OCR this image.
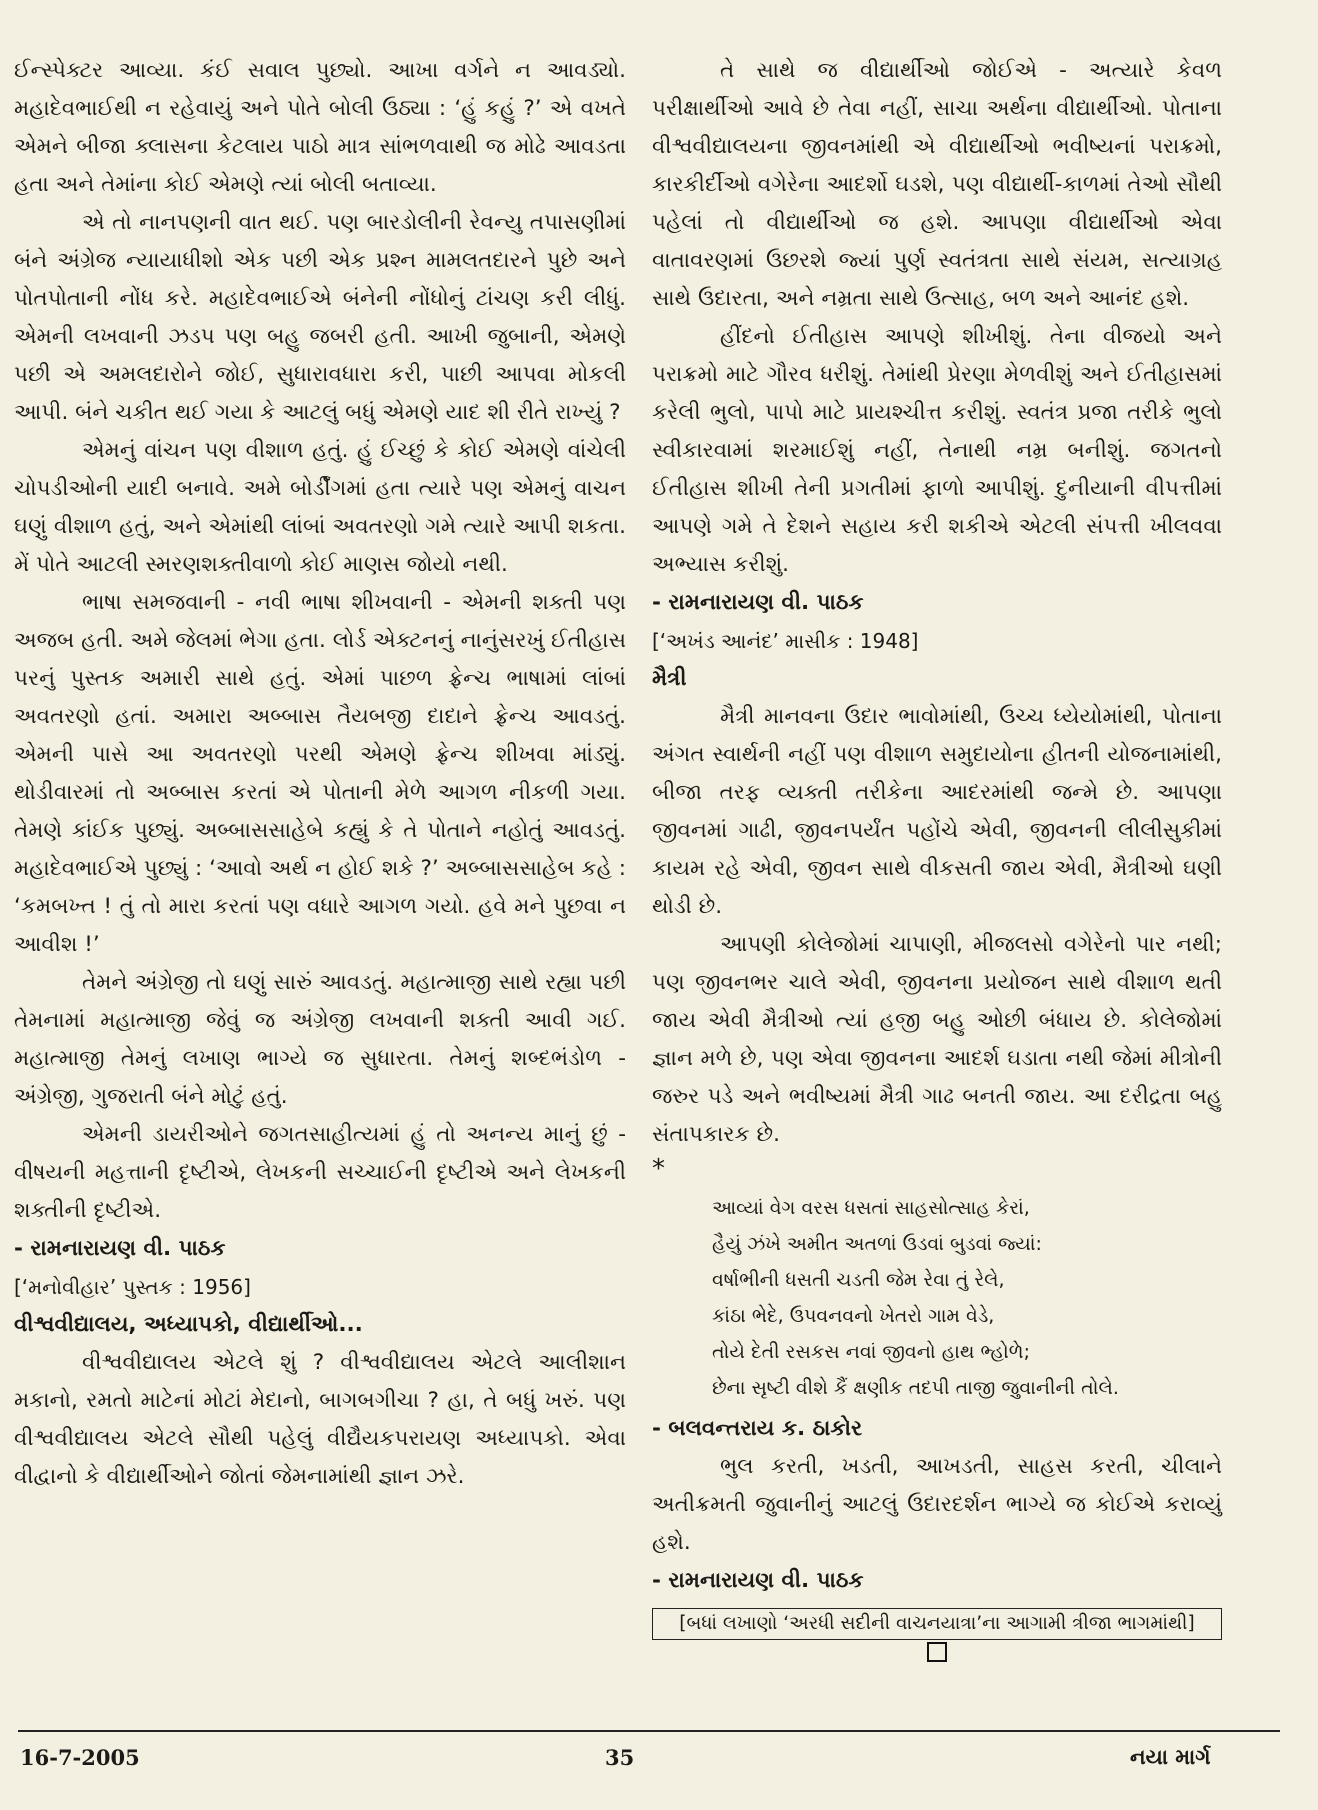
ઈન્સ્પેક્ટર આવ્યા. કંઈ સવાલ પુછ્યો. આખા વર્ગને ન આવડ્યો. મહાદેવભાઈથી ન રહેવાયું અને પોતે બોલી ઉઠ્યા : ‘હું કહું ?’ એ વખતે એમને બીજા ક્લાસના કેટલાય પાઠો માત્ર સાંભળવાથી જ મોઢે આવડતા હતા અને તેમાંના કોઈ એમણે ત્યાં બોલી બતાવ્યા.

એ તો નાનપણની વાત થઈ. પણ બારડોલીની રેવન્યુ તપાસણીમાં બંને અંગ્રેજ ન્યાયાધીશો એક પછી એક પ્રશ્ન મામલતદારને પુછે અને પોતપોતાની નોંધ કરે. મહાદેવભાઈએ બંનેની નોંધોનું ટાંચણ કરી લીધું. એમની લખવાની ઝડપ પણ બહુ જબરી હતી. આખી જુબાની, એમણે પછી એ અમલદારોને જોઈ, સુધારાવધારા કરી, પાછી આપવા મોકલી આપી. બંને ચકીત થઈ ગયા કે આટલું બધું એમણે યાદ શી રીતે રાખ્યું ?

એમનું વાંચન પણ વીશાળ હતું. હું ઈચ્છું કે કોઈ એમણે વાંચેલી ચોપડીઓની યાદી બનાવે. અમે બોર્ડીંગમાં હતા ત્યારે પણ એમનું વાચન ઘણું વીશાળ હતું, અને એમાંથી લાંબાં અવતરણો ગમે ત્યારે આપી શકતા. મેં પોતે આટલી સ્મરણશક્તીવાળો કોઈ માણસ જોયો નથી.

ભાષા સમજવાની - નવી ભાષા શીખવાની - એમની શક્તી પણ અજબ હતી. અમે જેલમાં ભેગા હતા. લોર્ડ એક્ટનનું નાનુંસરખું ઈતીહાસ પરનું પુસ્તક અમારી સાથે હતું. એમાં પાછળ ફ્રેન્ચ ભાષામાં લાંબાં અવતરણો હતાં. અમારા અબ્બાસ તૈયબજી દાદાને ફ્રેન્ચ આવડતું. એમની પાસે આ અવતરણો પરથી એમણે ફ્રેન્ચ શીખવા માંડ્યું. થોડીવારમાં તો અબ્બાસ કરતાં એ પોતાની મેળે આગળ નીકળી ગયા. તેમણે કાંઈક પુછ્યું. અબ્બાસસાહેબે કહ્યું કે તે પોતાને નહોતું આવડતું. મહાદેવભાઈએ પુછ્યું : ‘આવો અર્થ ન હોઈ શકે ?’ અબ્બાસસાહેબ કહે : ‘કમબખ્ત ! તું તો મારા કરતાં પણ વધારે આગળ ગયો. હવે મને પુછવા ન આવીશ !’

તેમને અંગ્રેજી તો ઘણું સારું આવડતું. મહાત્માજી સાથે રહ્યા પછી તેમનામાં મહાત્માજી જેવું જ અંગ્રેજી લખવાની શક્તી આવી ગઈ. મહાત્માજી તેમનું લખાણ ભાગ્યે જ સુધારતા. તેમનું શબ્દભંડોળ - અંગ્રેજી, ગુજરાતી બંને મોટું હતું.

એમની ડાયરીઓને જગતસાહીત્યમાં હું તો અનન્ય માનું છું - વીષયની મહત્તાની દૃષ્ટીએ, લેખકની સચ્ચાઈની દૃષ્ટીએ અને લેખકની શક્તીની દૃષ્ટીએ.

- રામનારાયણ વી. પાઠક

[‘મનોવીહાર’ પુસ્તક : 1956]

વીશ્વવીદ્યાલય, અધ્યાપકો, વીદ્યાર્થીઓ...

વીશ્વવીદ્યાલય એટલે શું ? વીશ્વવીદ્યાલય એટલે આલીશાન મકાનો, રમતો માટેનાં મોટાં મેદાનો, બાગબગીચા ? હા, તે બધું ખરું. પણ વીશ્વવીદ્યાલય એટલે સૌથી પહેલું વીદ્યૈયકપરાયણ અધ્યાપકો. એવા વીદ્વાનો કે વીદ્યાર્થીઓને જોતાં જેમનામાંથી જ્ઞાન ઝરે.

તે સાથે જ વીદ્યાર્થીઓ જોઈએ - અત્યારે કેવળ પરીક્ષાર્થીઓ આવે છે તેવા નહીં, સાચા અર્થના વીદ્યાર્થીઓ. પોતાના વીશ્વવીદ્યાલયના જીવનમાંથી એ વીદ્યાર્થીઓ ભવીષ્યનાં પરાક્રમો, કારકીર્દીઓ વગેરેના આદર્શો ઘડશે, પણ વીદ્યાર્થી-કાળમાં તેઓ સૌથી પહેલાં તો વીદ્યાર્થીઓ જ હશે. આપણા વીદ્યાર્થીઓ એવા વાતાવરણમાં ઉછરશે જ્યાં પુર્ણ સ્વતંત્રતા સાથે સંયમ, સત્યાગ્રહ સાથે ઉદારતા, અને નમ્રતા સાથે ઉત્સાહ, બળ અને આનંદ હશે.

હીંદનો ઈતીહાસ આપણે શીખીશું. તેના વીજયો અને પરાક્રમો માટે ગૌરવ ધરીશું. તેમાંથી પ્રેરણા મેળવીશું અને ઈતીહાસમાં કરેલી ભુલો, પાપો માટે પ્રાયશ્ચીત્ત કરીશું. સ્વતંત્ર પ્રજા તરીકે ભુલો સ્વીકારવામાં શરમાઈશું નહીં, તેનાથી નમ્ર બનીશું. જગતનો ઈતીહાસ શીખી તેની પ્રગતીમાં ફાળો આપીશું. દુનીયાની વીપત્તીમાં આપણે ગમે તે દેશને સહાય કરી શકીએ એટલી સંપત્તી ખીલવવા અભ્યાસ કરીશું.

- રામનારાયણ વી. પાઠક

[‘અખંડ આનંદ’ માસીક : 1948]

મૈત્રી

મૈત્રી માનવના ઉદાર ભાવોમાંથી, ઉચ્ચ ધ્યેયોમાંથી, પોતાના અંગત સ્વાર્થની નહીં પણ વીશાળ સમુદાયોના હીતની યોજનામાંથી, બીજા તરફ વ્યક્તી તરીકેના આદરમાંથી જન્મે છે. આપણા જીવનમાં ગાઢી, જીવનપર્યંત પહોંચે એવી, જીવનની લીલીસુકીમાં કાયમ રહે એવી, જીવન સાથે વીકસતી જાય એવી, મૈત્રીઓ ઘણી થોડી છે.

આપણી કોલેજોમાં ચાપાણી, મીજલસો વગેરેનો પાર નથી; પણ જીવનભર ચાલે એવી, જીવનના પ્રયોજન સાથે વીશાળ થતી જાય એવી મૈત્રીઓ ત્યાં હજી બહુ ઓછી બંધાય છે. કોલેજોમાં જ્ઞાન મળે છે, પણ એવા જીવનના આદર્શ ઘડાતા નથી જેમાં મીત્રોની જરુર પડે અને ભવીષ્યમાં મૈત્રી ગાઢ બનતી જાય. આ દરીદ્રતા બહુ સંતાપકારક છે.

*

આવ્યાં વેગ વરસ ધસતાં સાહસોત્સાહ કેરાં,
હૈયું ઝંખે અમીત અતળાં ઉડવાં બુડવાં જ્યાં:
વર્ષાભીની ધસતી ચડતી જેમ રેવા તું રેલે,
કાંઠા ભેદે, ઉપવનવનો ખેતરો ગામ વેડે,
તોયે દેતી રસકસ નવાં જીવનો હાથ ભ્હોળે;
છેના સૃષ્ટી વીશે કૈં ક્ષણીક તદપી તાજી જુવાનીની તોલે.

- બલવન્તરાય ક. ઠાકોર

ભુલ કરતી, ખડતી, આખડતી, સાહસ કરતી, ચીલાને અતીક્રમતી જુવાનીનું આટલું ઉદારદર્શન ભાગ્યે જ કોઈએ કરાવ્યું હશે.

- રામનારાયણ વી. પાઠક

[બધાં લખાણો ‘અરધી સદીની વાચનયાત્રા’ના આગામી ત્રીજા ભાગમાંથી]
16-7-2005	35	નયા માર્ગ
